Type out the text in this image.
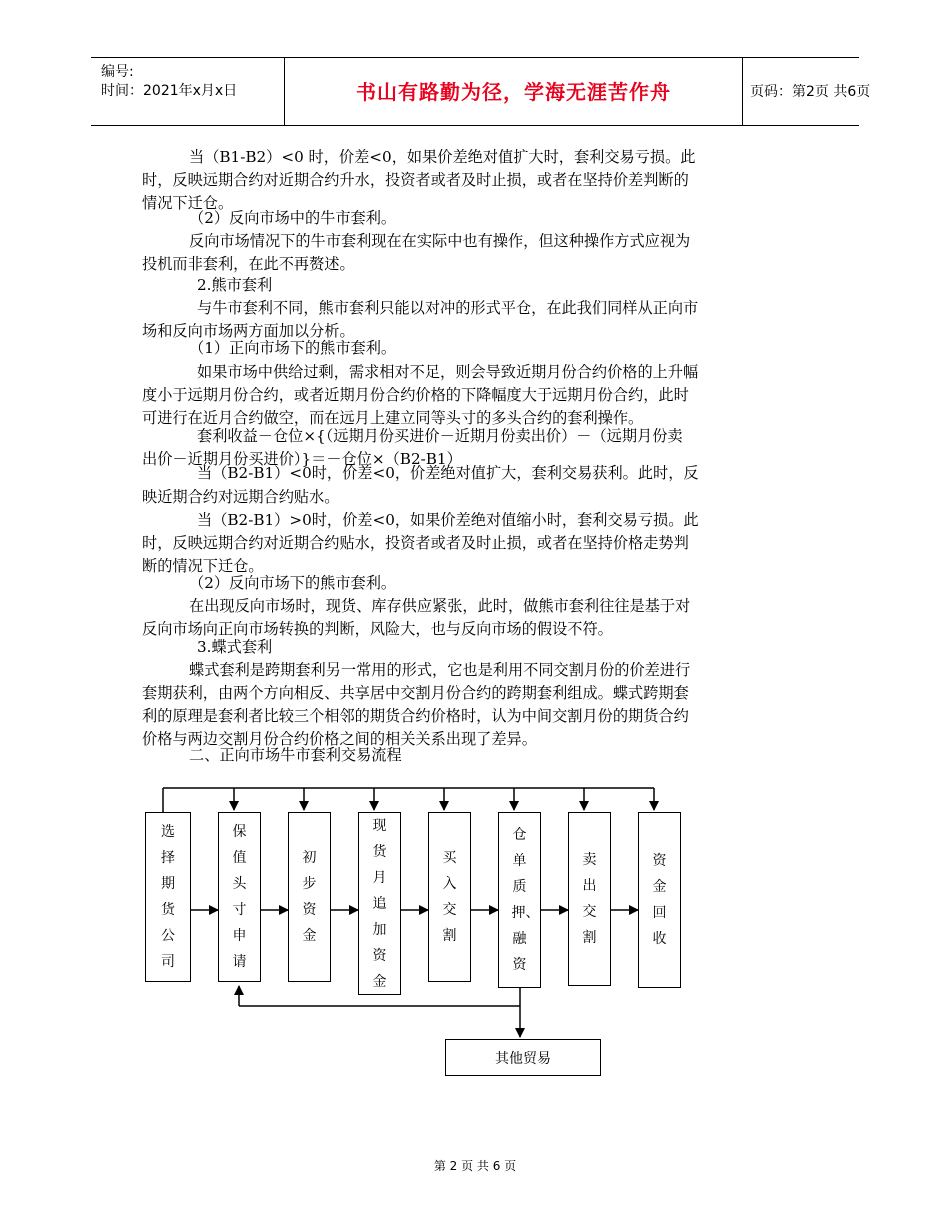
编号:
时间：2021年x月x日	书山有路勤为径，学海无涯苦作舟	页码：第2页 共6页
当（B1-B2）<0 时，价差<0，如果价差绝对值扩大时，套利交易亏损。此
时，反映远期合约对近期合约升水，投资者或者及时止损，或者在坚持价差判断的
情况下迁仓。
（2）反向市场中的牛市套利。
反向市场情况下的牛市套利现在在实际中也有操作，但这种操作方式应视为
投机而非套利，在此不再赘述。
2.熊市套利
与牛市套利不同，熊市套利只能以对冲的形式平仓，在此我们同样从正向市
场和反向市场两方面加以分析。
（1）正向市场下的熊市套利。
如果市场中供给过剩，需求相对不足，则会导致近期月份合约价格的上升幅
度小于远期月份合约，或者近期月份合约价格的下降幅度大于远期月份合约，此时
可进行在近月合约做空，而在远月上建立同等头寸的多头合约的套利操作。
套利收益－仓位×{（远期月份买进价－近期月份卖出价）－（远期月份卖
出价－近期月份买进价）}＝－仓位×（B2-B1）
当（B2-B1）<0时，价差<0，价差绝对值扩大，套利交易获利。此时，反
映近期合约对远期合约贴水。
当（B2-B1）>0时，价差<0，如果价差绝对值缩小时，套利交易亏损。此
时，反映远期合约对近期合约贴水，投资者或者及时止损，或者在坚持价格走势判
断的情况下迁仓。
（2）反向市场下的熊市套利。
在出现反向市场时，现货、库存供应紧张，此时，做熊市套利往往是基于对
反向市场向正向市场转换的判断，风险大，也与反向市场的假设不符。
3.蝶式套利
蝶式套利是跨期套利另一常用的形式，它也是利用不同交割月份的价差进行
套期获利，由两个方向相反、共享居中交割月份合约的跨期套利组成。蝶式跨期套
利的原理是套利者比较三个相邻的期货合约价格时，认为中间交割月份的期货合约
价格与两边交割月份合约价格之间的相关关系出现了差异。
二、正向市场牛市套利交易流程
选择期货公司
保值头寸申请
初步资金
现货月追加资金
买入交割
仓单质押、融资
卖出交割
资金回收
其他贸易
第 2 页 共 6 页
